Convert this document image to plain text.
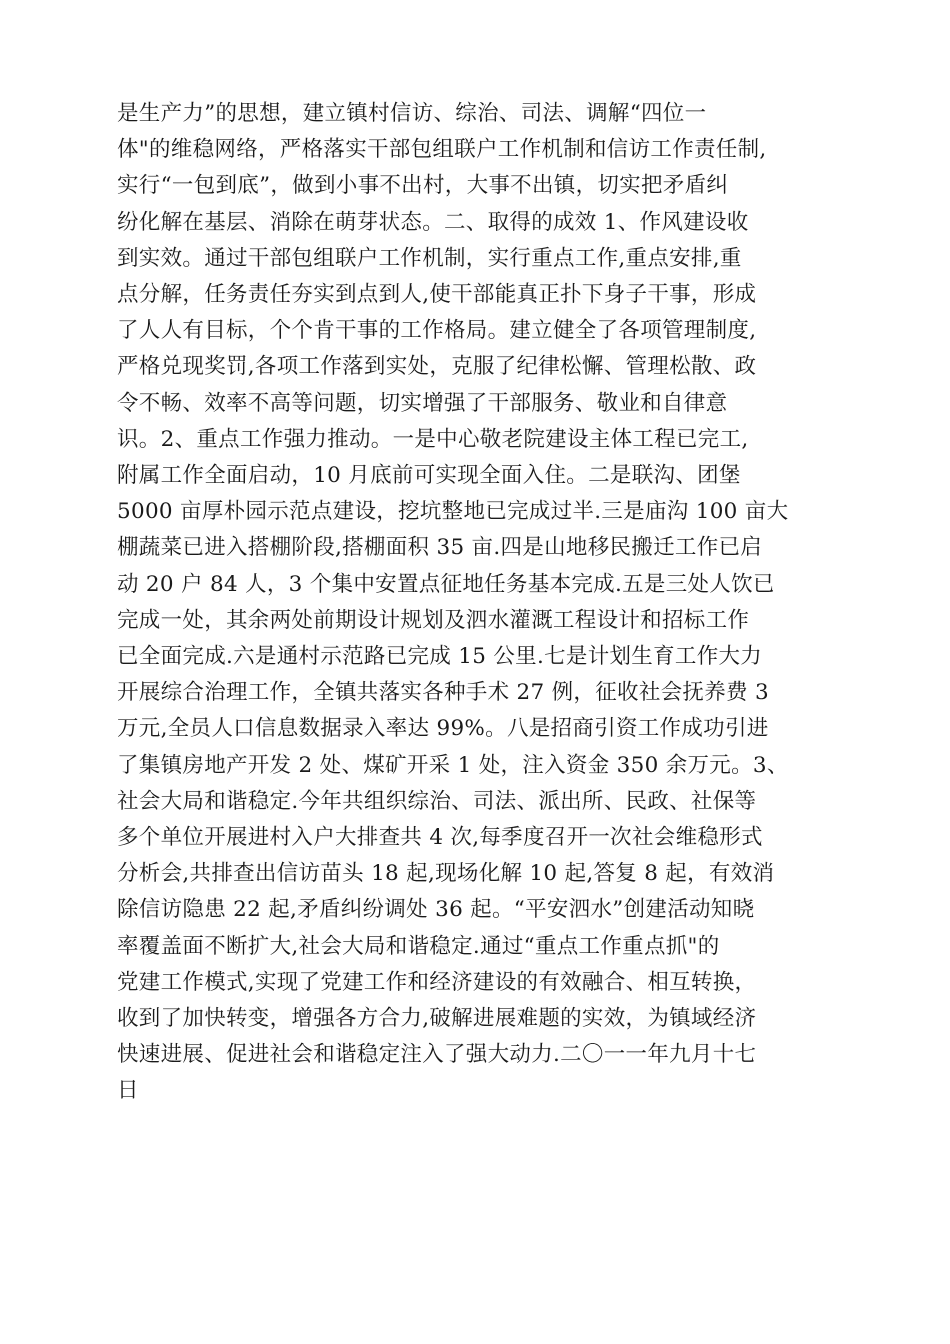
是生产力”的思想，建立镇村信访、综治、司法、调解“四位一
体"的维稳网络，严格落实干部包组联户工作机制和信访工作责任制,
实行“一包到底”，做到小事不出村，大事不出镇，切实把矛盾纠
纷化解在基层、消除在萌芽状态。二、取得的成效 1、作风建设收
到实效。通过干部包组联户工作机制，实行重点工作,重点安排,重
点分解，任务责任夯实到点到人,使干部能真正扑下身子干事，形成
了人人有目标，个个肯干事的工作格局。建立健全了各项管理制度,
严格兑现奖罚,各项工作落到实处，克服了纪律松懈、管理松散、政
令不畅、效率不高等问题，切实增强了干部服务、敬业和自律意
识。2、重点工作强力推动。一是中心敬老院建设主体工程已完工,
附属工作全面启动，10 月底前可实现全面入住。二是联沟、团堡
5000 亩厚朴园示范点建设，挖坑整地已完成过半.三是庙沟 100 亩大
棚蔬菜已进入搭棚阶段,搭棚面积 35 亩.四是山地移民搬迁工作已启
动 20 户 84 人，3 个集中安置点征地任务基本完成.五是三处人饮已
完成一处，其余两处前期设计规划及泗水灌溉工程设计和招标工作
已全面完成.六是通村示范路已完成 15 公里.七是计划生育工作大力
开展综合治理工作，全镇共落实各种手术 27 例，征收社会抚养费 3
万元,全员人口信息数据录入率达 99%。八是招商引资工作成功引进
了集镇房地产开发 2 处、煤矿开采 1 处，注入资金 350 余万元。3、
社会大局和谐稳定.今年共组织综治、司法、派出所、民政、社保等
多个单位开展进村入户大排查共 4 次,每季度召开一次社会维稳形式
分析会,共排查出信访苗头 18 起,现场化解 10 起,答复 8 起，有效消
除信访隐患 22 起,矛盾纠纷调处 36 起。“平安泗水”创建活动知晓
率覆盖面不断扩大,社会大局和谐稳定.通过“重点工作重点抓"的
党建工作模式,实现了党建工作和经济建设的有效融合、相互转换，
收到了加快转变，增强各方合力,破解进展难题的实效，为镇域经济
快速进展、促进社会和谐稳定注入了强大动力.二〇一一年九月十七
日
